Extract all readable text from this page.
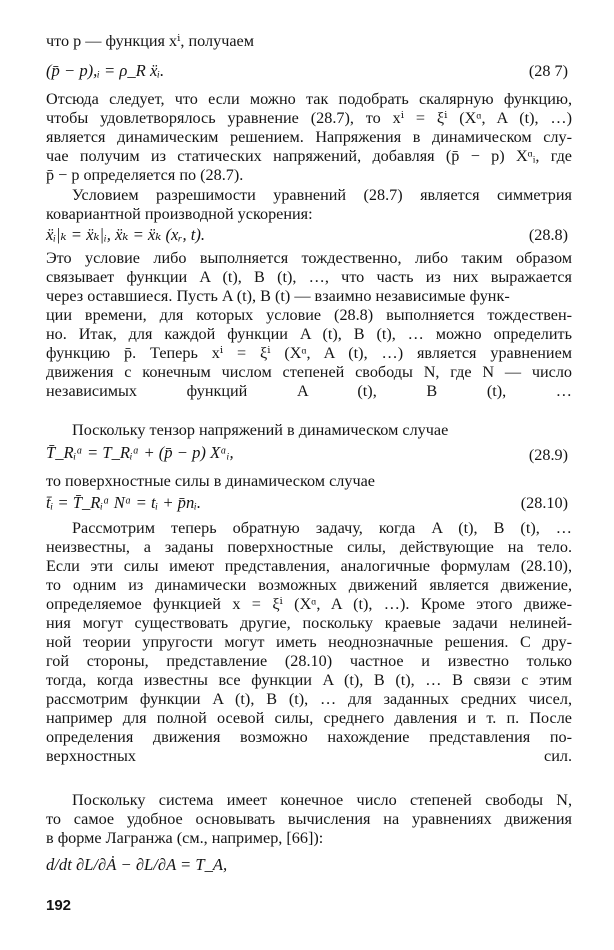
что p — функция xⁱ, получаем
(p̄ − p),ᵢ = ρ_R ẍᵢ.	(28 7)
Отсюда следует, что если можно так подобрать скалярную функцию,
чтобы удовлетворялось уравнение (28.7), то xⁱ = ξⁱ (Xᵅ, A (t), …)
является динамическим решением. Напряжения в динамическом слу-
чае получим из статических напряжений, добавляя (p̄ − p) Xᵅᵢ, где
p̄ − p определяется по (28.7).
Условием разрешимости уравнений (28.7) является симметрия
ковариантной производной ускорения:
ẍᵢ|ₖ = ẍₖ|ᵢ, ẍₖ = ẍₖ (xᵣ, t).	(28.8)
Это условие либо выполняется тождественно, либо таким образом
связывает функции A (t), B (t), …, что часть из них выражается
через оставшиеся. Пусть A (t), B (t) — взаимно независимые функ-
ции времени, для которых условие (28.8) выполняется тождествен-
но. Итак, для каждой функции A (t), B (t), … можно определить
функцию p̄. Теперь xⁱ = ξⁱ (Xᵅ, A (t), …) является уравнением
движения с конечным числом степеней свободы N, где N — число
независимых функций A (t), B (t), …
Поскольку тензор напряжений в динамическом случае
T̄_Rᵢᵅ = T_Rᵢᵅ + (p̄ − p) Xᵅᵢ,	(28.9)
то поверхностные силы в динамическом случае
t̄ᵢ = T̄_Rᵢᵅ Nᵅ = tᵢ + p̄nᵢ.	(28.10)
Рассмотрим теперь обратную задачу, когда A (t), B (t), …
неизвестны, а заданы поверхностные силы, действующие на тело.
Если эти силы имеют представления, аналогичные формулам (28.10),
то одним из динамически возможных движений является движение,
определяемое функцией x = ξⁱ (Xᵅ, A (t), …). Кроме этого движе-
ния могут существовать другие, поскольку краевые задачи нелиней-
ной теории упругости могут иметь неоднозначные решения. С дру-
гой стороны, представление (28.10) частное и известно только
тогда, когда известны все функции A (t), B (t), … В связи с этим
рассмотрим функции A (t), B (t), … для заданных средних чисел,
например для полной осевой силы, среднего давления и т. п. После
определения движения возможно нахождение представления по-
верхностных сил.
Поскольку система имеет конечное число степеней свободы N,
то самое удобное основывать вычисления на уравнениях движения
в форме Лагранжа (см., например, [66]):
d/dt ∂L/∂Ȧ − ∂L/∂A = T_A,
192
